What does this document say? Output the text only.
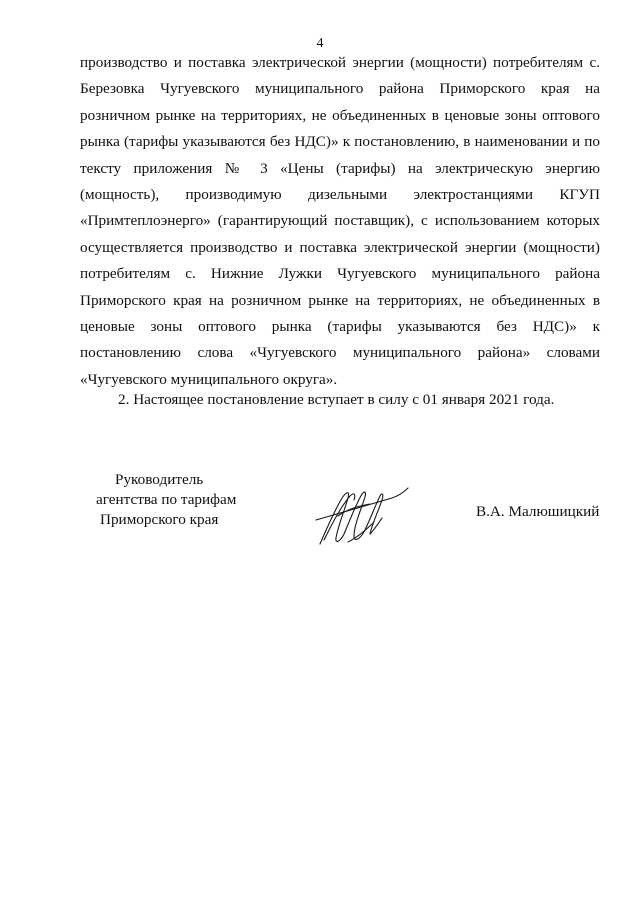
4

производство и поставка электрической энергии (мощности) потребителям с. Березовка Чугуевского муниципального района Приморского края на розничном рынке на территориях, не объединенных в ценовые зоны оптового рынка (тарифы указываются без НДС)» к постановлению, в наименовании и по тексту приложения № 3 «Цены (тарифы) на электрическую энергию (мощность), производимую дизельными электростанциями КГУП «Примтеплоэнерго» (гарантирующий поставщик), с использованием которых осуществляется производство и поставка электрической энергии (мощности) потребителям с. Нижние Лужки Чугуевского муниципального района Приморского края на розничном рынке на территориях, не объединенных в ценовые зоны оптового рынка (тарифы указываются без НДС)» к постановлению слова «Чугуевского муниципального района» словами «Чугуевского муниципального округа».

2. Настоящее постановление вступает в силу с 01 января 2021 года.

Руководитель
агентства по тарифам
Приморского края	В.А. Малюшицкий
